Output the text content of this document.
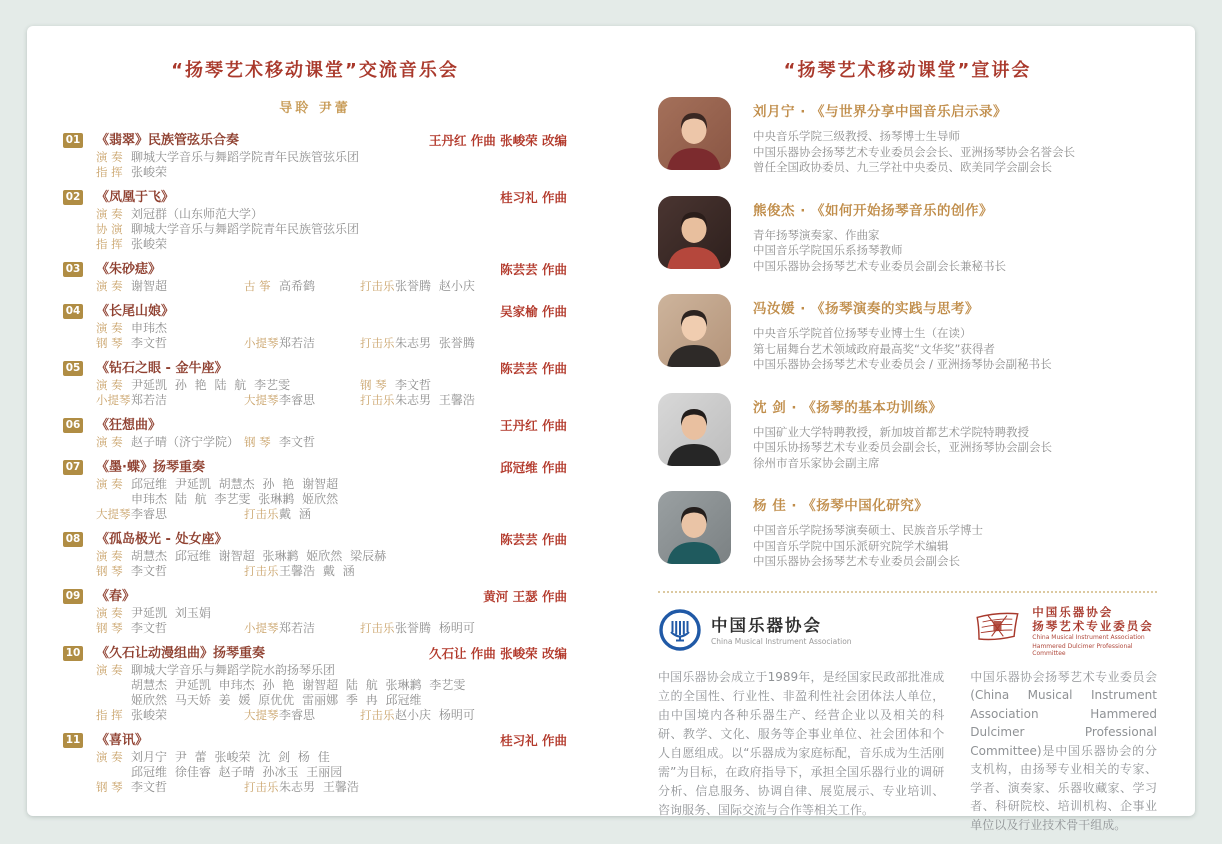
“扬琴艺术移动课堂”交流音乐会
导聆 尹蕾
01 《翡翠》民族管弦乐合奏	王丹红 作曲 张峻荣 改编
演 奏 聊城大学音乐与舞蹈学院青年民族管弦乐团
指 挥 张峻荣
02 《凤凰于飞》	桂习礼 作曲
演 奏 刘冠群（山东师范大学）
协 演 聊城大学音乐与舞蹈学院青年民族管弦乐团
指 挥 张峻荣
03 《朱砂痣》	陈芸芸 作曲
演 奏 谢智超	古 筝 高希鹤	打击乐张誉腾 赵小庆
04 《长尾山娘》	吴家榆 作曲
演 奏 申玮杰
钢 琴 李文哲	小提琴郑若洁	打击乐朱志男 张誉腾
05 《钻石之眼 - 金牛座》	陈芸芸 作曲
演 奏 尹延凯 孙 艳 陆 航 李艺雯	钢 琴 李文哲
小提琴郑若洁	大提琴李睿思	打击乐朱志男 王馨浩
06 《狂想曲》	王丹红 作曲
演 奏 赵子晴（济宁学院） 钢 琴 李文哲
07 《墨·蝶》扬琴重奏	邱冠维 作曲
演 奏 邱冠维 尹延凯 胡慧杰 孙 艳 谢智超
申玮杰 陆 航 李艺雯 张琳鹣 姬欣然
大提琴李睿思	打击乐戴 涵
08 《孤岛极光 - 处女座》	陈芸芸 作曲
演 奏 胡慧杰 邱冠维 谢智超 张琳鹣 姬欣然 梁辰赫
钢 琴 李文哲	打击乐王馨浩 戴 涵
09 《春》	黄河 王瑟 作曲
演 奏 尹延凯 刘玉娟
钢 琴 李文哲	小提琴郑若洁	打击乐张誉腾 杨明可
10 《久石让动漫组曲》扬琴重奏	久石让 作曲 张峻荣 改编
演 奏 聊城大学音乐与舞蹈学院水韵扬琴乐团
胡慧杰 尹延凯 申玮杰 孙 艳 谢智超 陆 航 张琳鹣 李艺雯
姬欣然 马天娇 姜 媛 原优优 雷丽娜 季 冉 邱冠维
指 挥 张峻荣	大提琴李睿思	打击乐赵小庆 杨明可
11 《喜讯》	桂习礼 作曲
演 奏 刘月宁 尹 蕾 张峻荣 沈 剑 杨 佳
邱冠维 徐佳睿 赵子晴 孙冰玉 王丽园
钢 琴 李文哲	打击乐朱志男 王馨浩
“扬琴艺术移动课堂”宣讲会
刘月宁 · 《与世界分享中国音乐启示录》
中央音乐学院三级教授、扬琴博士生导师
中国乐器协会扬琴艺术专业委员会会长、亚洲扬琴协会名誉会长
曾任全国政协委员、九三学社中央委员、欧美同学会副会长
熊俊杰 · 《如何开始扬琴音乐的创作》
青年扬琴演奏家、作曲家
中国音乐学院国乐系扬琴教师
中国乐器协会扬琴艺术专业委员会副会长兼秘书长
冯汝媛 · 《扬琴演奏的实践与思考》
中央音乐学院首位扬琴专业博士生（在读）
第七届舞台艺术领域政府最高奖“文华奖”获得者
中国乐器协会扬琴艺术专业委员会 / 亚洲扬琴协会副秘书长
沈 剑 · 《扬琴的基本功训练》
中国矿业大学特聘教授，新加坡首都艺术学院特聘教授
中国乐协扬琴艺术专业委员会副会长，亚洲扬琴协会副会长
徐州市音乐家协会副主席
杨 佳 · 《扬琴中国化研究》
中国音乐学院扬琴演奏硕士、民族音乐学博士
中国音乐学院中国乐派研究院学术编辑
中国乐器协会扬琴艺术专业委员会副会长
中国乐器协会
China Musical Instrument Association
中国乐器协会成立于1989年，是经国家民政部批准成立的全国性、行业性、非盈利性社会团体法人单位，由中国境内各种乐器生产、经营企业以及相关的科研、教学、文化、服务等企事业单位、社会团体和个人自愿组成。以“乐器成为家庭标配，音乐成为生活刚需”为目标，在政府指导下，承担全国乐器行业的调研分析、信息服务、协调自律、展览展示、专业培训、咨询服务、国际交流与合作等相关工作。
中国乐器协会
扬琴艺术专业委员会
China Musical Instrument Association
Hammered Dulcimer Professional Committee
中国乐器协会扬琴艺术专业委员会 (China Musical Instrument Association Hammered Dulcimer Professional Committee)是中国乐器协会的分支机构，由扬琴专业相关的专家、学者、演奏家、乐器收藏家、学习者、科研院校、培训机构、企事业单位以及行业技术骨干组成。
